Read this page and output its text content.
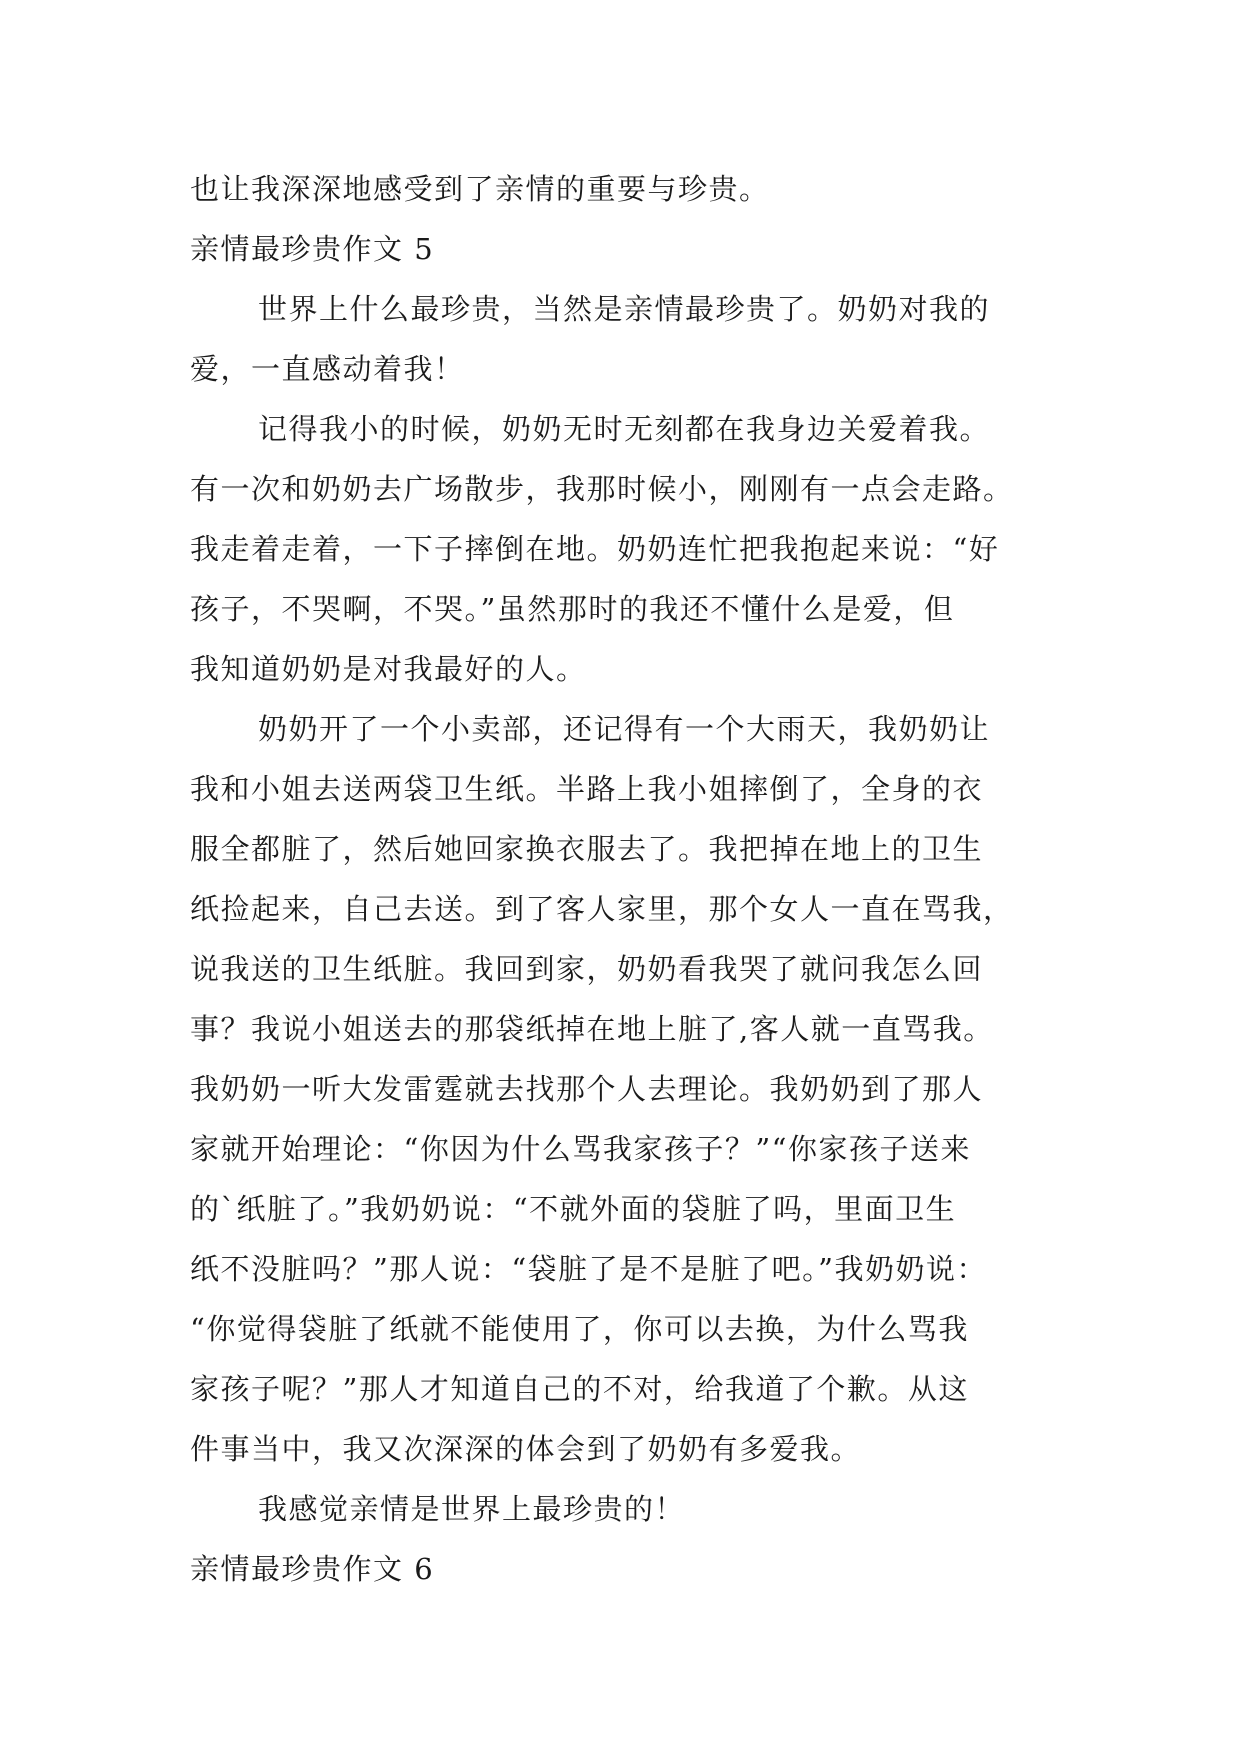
也让我深深地感受到了亲情的重要与珍贵。
亲情最珍贵作文 5
世界上什么最珍贵，当然是亲情最珍贵了。奶奶对我的
爱，一直感动着我！
记得我小的时候，奶奶无时无刻都在我身边关爱着我。
有一次和奶奶去广场散步，我那时候小，刚刚有一点会走路。
我走着走着，一下子摔倒在地。奶奶连忙把我抱起来说：“好
孩子，不哭啊，不哭。”虽然那时的我还不懂什么是爱，但
我知道奶奶是对我最好的人。
奶奶开了一个小卖部，还记得有一个大雨天，我奶奶让
我和小姐去送两袋卫生纸。半路上我小姐摔倒了，全身的衣
服全都脏了，然后她回家换衣服去了。我把掉在地上的卫生
纸捡起来，自己去送。到了客人家里，那个女人一直在骂我，
说我送的卫生纸脏。我回到家，奶奶看我哭了就问我怎么回
事？我说小姐送去的那袋纸掉在地上脏了,客人就一直骂我。
我奶奶一听大发雷霆就去找那个人去理论。我奶奶到了那人
家就开始理论：“你因为什么骂我家孩子？”“你家孩子送来
的`纸脏了。”我奶奶说：“不就外面的袋脏了吗，里面卫生
纸不没脏吗？”那人说：“袋脏了是不是脏了吧。”我奶奶说：
“你觉得袋脏了纸就不能使用了，你可以去换，为什么骂我
家孩子呢？”那人才知道自己的不对，给我道了个歉。从这
件事当中，我又次深深的体会到了奶奶有多爱我。
我感觉亲情是世界上最珍贵的！
亲情最珍贵作文 6
